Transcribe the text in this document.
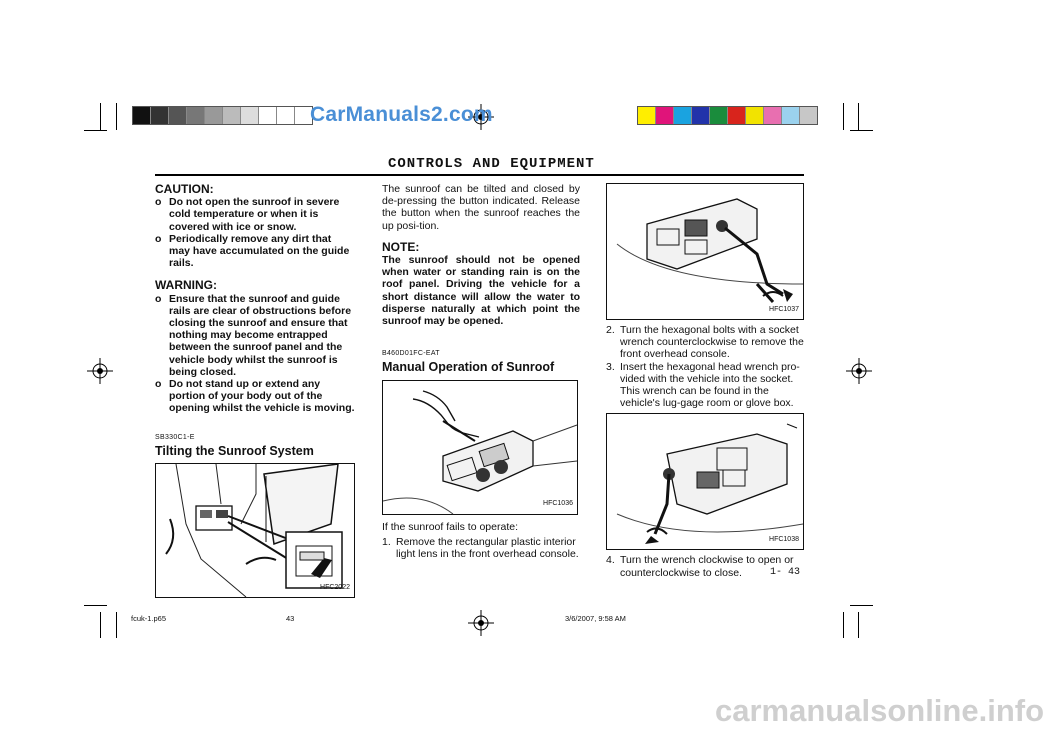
CarManuals2.com
CONTROLS AND EQUIPMENT
CAUTION:
o Do not open the sunroof in severe cold temperature or when it is covered with ice or snow.
o Periodically remove any dirt that may have accumulated on the guide rails.
WARNING:
o Ensure that the sunroof and guide rails are clear of obstructions before closing the sunroof and ensure that nothing may become entrapped between the sunroof panel and the vehicle body whilst the sunroof is being closed.
o Do not stand up or extend any portion of your body out of the opening whilst the vehicle is moving.
SB330C1-E
Tilting the Sunroof System
HFC2022
The sunroof can be tilted and closed by de-pressing the button indicated. Release the button when the sunroof reaches the up posi-tion.
NOTE:
The sunroof should not be opened when water or standing rain is on the roof panel. Driving the vehicle for a short distance will allow the water to disperse naturally at which point the sunroof may be opened.
B460D01FC-EAT
Manual Operation of Sunroof
HFC1036
If the sunroof fails to operate:
1. Remove the rectangular plastic interior light lens in the front overhead console.
HFC1037
2. Turn the hexagonal bolts with a socket wrench counterclockwise to remove the front overhead console.
3. Insert the hexagonal head wrench pro-vided with the vehicle into the socket. This wrench can be found in the vehicle's lug-gage room or glove box.
HFC1038
4. Turn the wrench clockwise to open or counterclockwise to close.	1- 43
fcuk-1.p65	43	3/6/2007, 9:58 AM
carmanualsonline.info
